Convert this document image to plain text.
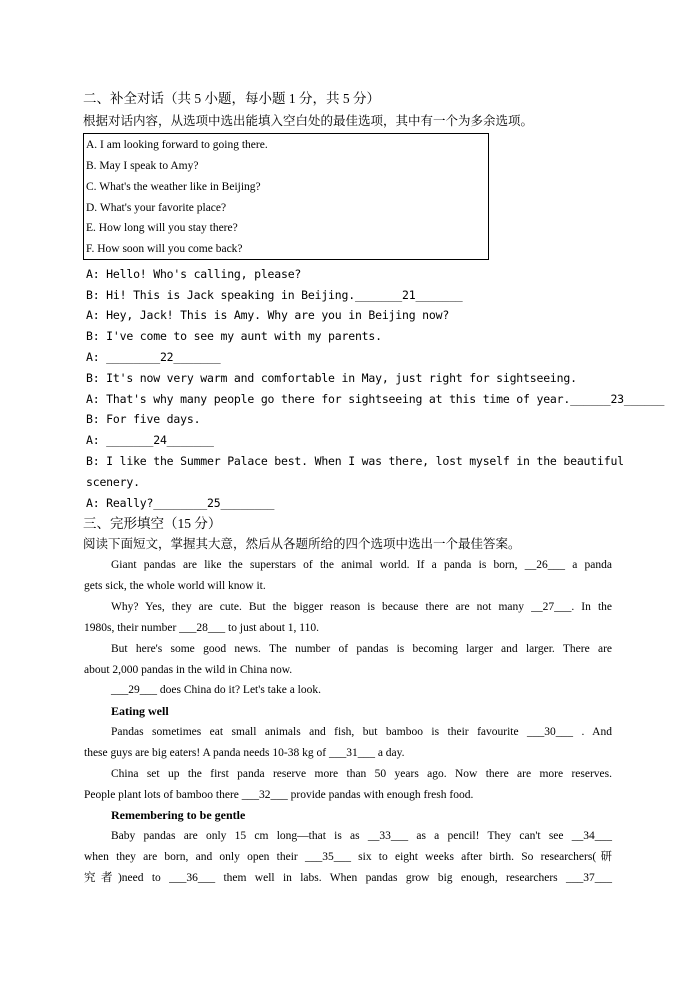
二、补全对话（共 5 小题，每小题 1 分，共 5 分）
根据对话内容，从选项中选出能填入空白处的最佳选项，其中有一个为多余选项。
A. I am looking forward to going there.
B. May I speak to Amy?
C. What's the weather like in Beijing?
D. What's your favorite place?
E. How long will you stay there?
F. How soon will you come back?
A: Hello! Who's calling, please?
B: Hi! This is Jack speaking in Beijing._______21_______
A: Hey, Jack! This is Amy. Why are you in Beijing now?
B: I've come to see my aunt with my parents.
A: ________22_______
B: It's now very warm and comfortable in May, just right for sightseeing.
A: That's why many people go there for sightseeing at this time of year.______23______
B: For five days.
A: _______24_______
B: I like the Summer Palace best. When I was there, lost myself in the beautiful
scenery.
A: Really?________25________
三、完形填空（15 分）
阅读下面短文，掌握其大意，然后从各题所给的四个选项中选出一个最佳答案。
Giant pandas are like the superstars of the animal world. If a panda is born, __26___ a panda
gets sick, the whole world will know it.
Why? Yes, they are cute. But the bigger reason is because there are not many __27___. In the
1980s, their number ___28___ to just about 1, 110.
But here's some good news. The number of pandas is becoming larger and larger. There are
about 2,000 pandas in the wild in China now.
___29___ does China do it? Let's take a look.
Eating well
Pandas sometimes eat small animals and fish, but bamboo is their favourite ___30___ . And
these guys are big eaters! A panda needs 10-38 kg of ___31___ a day.
China set up the first panda reserve more than 50 years ago. Now there are more reserves.
People plant lots of bamboo there ___32___ provide pandas with enough fresh food.
Remembering to be gentle
Baby pandas are only 15 cm long—that is as __33___ as a pencil! They can't see __34___
when they are born, and only open their ___35___ six to eight weeks after birth. So researchers(研
究者)need to ___36___ them well in labs. When pandas grow big enough, researchers ___37___
